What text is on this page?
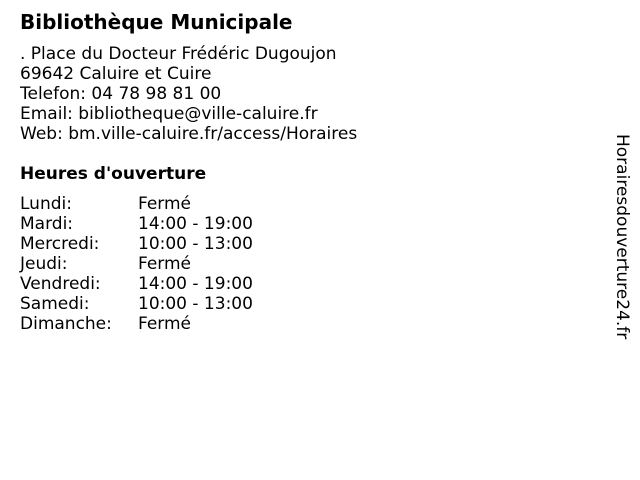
Bibliothèque Municipale
. Place du Docteur Frédéric Dugoujon
69642 Caluire et Cuire
Telefon: 04 78 98 81 00
Email: bibliotheque@ville-caluire.fr
Web: bm.ville-caluire.fr/access/Horaires
Heures d'ouverture
Lundi:	Fermé
Mardi:	14:00 - 19:00
Mercredi: 10:00 - 13:00
Jeudi:	Fermé
Vendredi: 14:00 - 19:00
Samedi:	10:00 - 13:00
Dimanche: Fermé	Horairesdouverture24.fr
